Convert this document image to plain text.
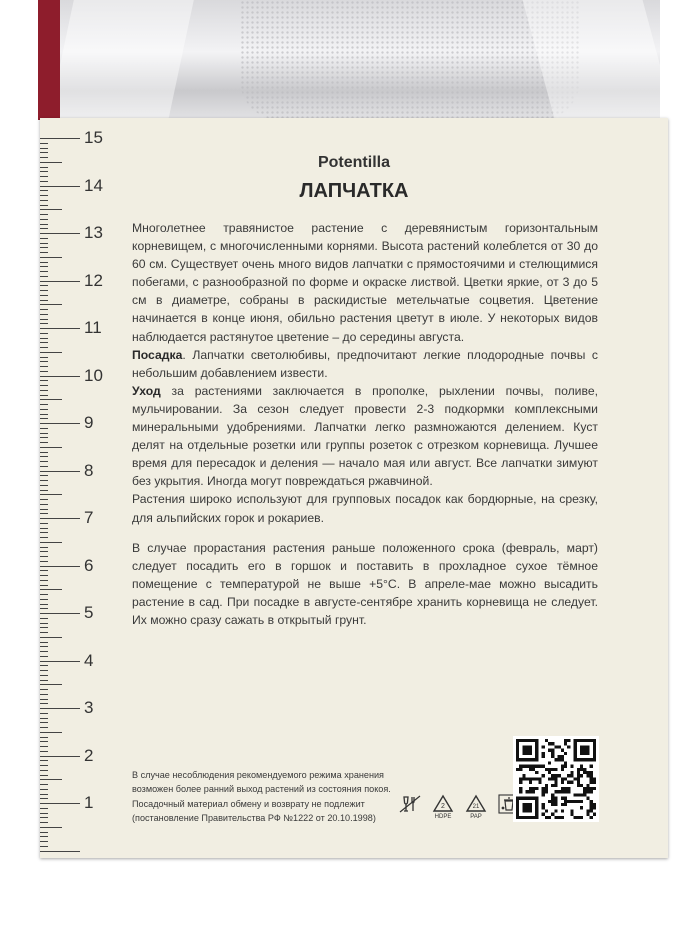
Potentilla
ЛАПЧАТКА

Многолетнее травянистое растение с деревянистым горизонтальным корневищем, с многочисленными корнями. Высота растений колеблется от 30 до 60 см. Существует очень много видов лапчатки с прямостоячими и стелющимися побегами, с разнообразной по форме и окраске листвой. Цветки яркие, от 3 до 5 см в диаметре, собраны в раскидистые метельчатые соцветия. Цветение начинается в конце июня, обильно растения цветут в июле. У некоторых видов наблюдается растянутое цветение – до середины августа.

Посадка. Лапчатки светолюбивы, предпочитают легкие плодородные почвы с небольшим добавлением извести.

Уход за растениями заключается в прополке, рыхлении почвы, поливе, мульчировании. За сезон следует провести 2-3 подкормки комплексными минеральными удобрениями. Лапчатки легко размножаются делением. Куст делят на отдельные розетки или группы розеток с отрезком корневища. Лучшее время для пересадок и деления — начало мая или август. Все лапчатки зимуют без укрытия. Иногда могут повреждаться ржавчиной.

Растения широко используют для групповых посадок как бордюрные, на срезку, для альпийских горок и рокариев.

В случае прорастания растения раньше положенного срока (февраль, март) следует посадить его в горшок и поставить в прохладное сухое тёмное помещение с температурой не выше +5°С. В апреле-мае можно высадить растение в сад. При посадке в августе-сентябре хранить корневища не следует. Их можно сразу сажать в открытый грунт.

В случае несоблюдения рекомендуемого режима хранения
возможен более ранний выход растений из состояния покоя.
Посадочный материал обмену и возврату не подлежит
(постановление Правительства РФ №1222 от 20.10.1998)
2
HDPE
21
PAP
15
14
13
12
11
10
9
8
7
6
5
4
3
2
1
